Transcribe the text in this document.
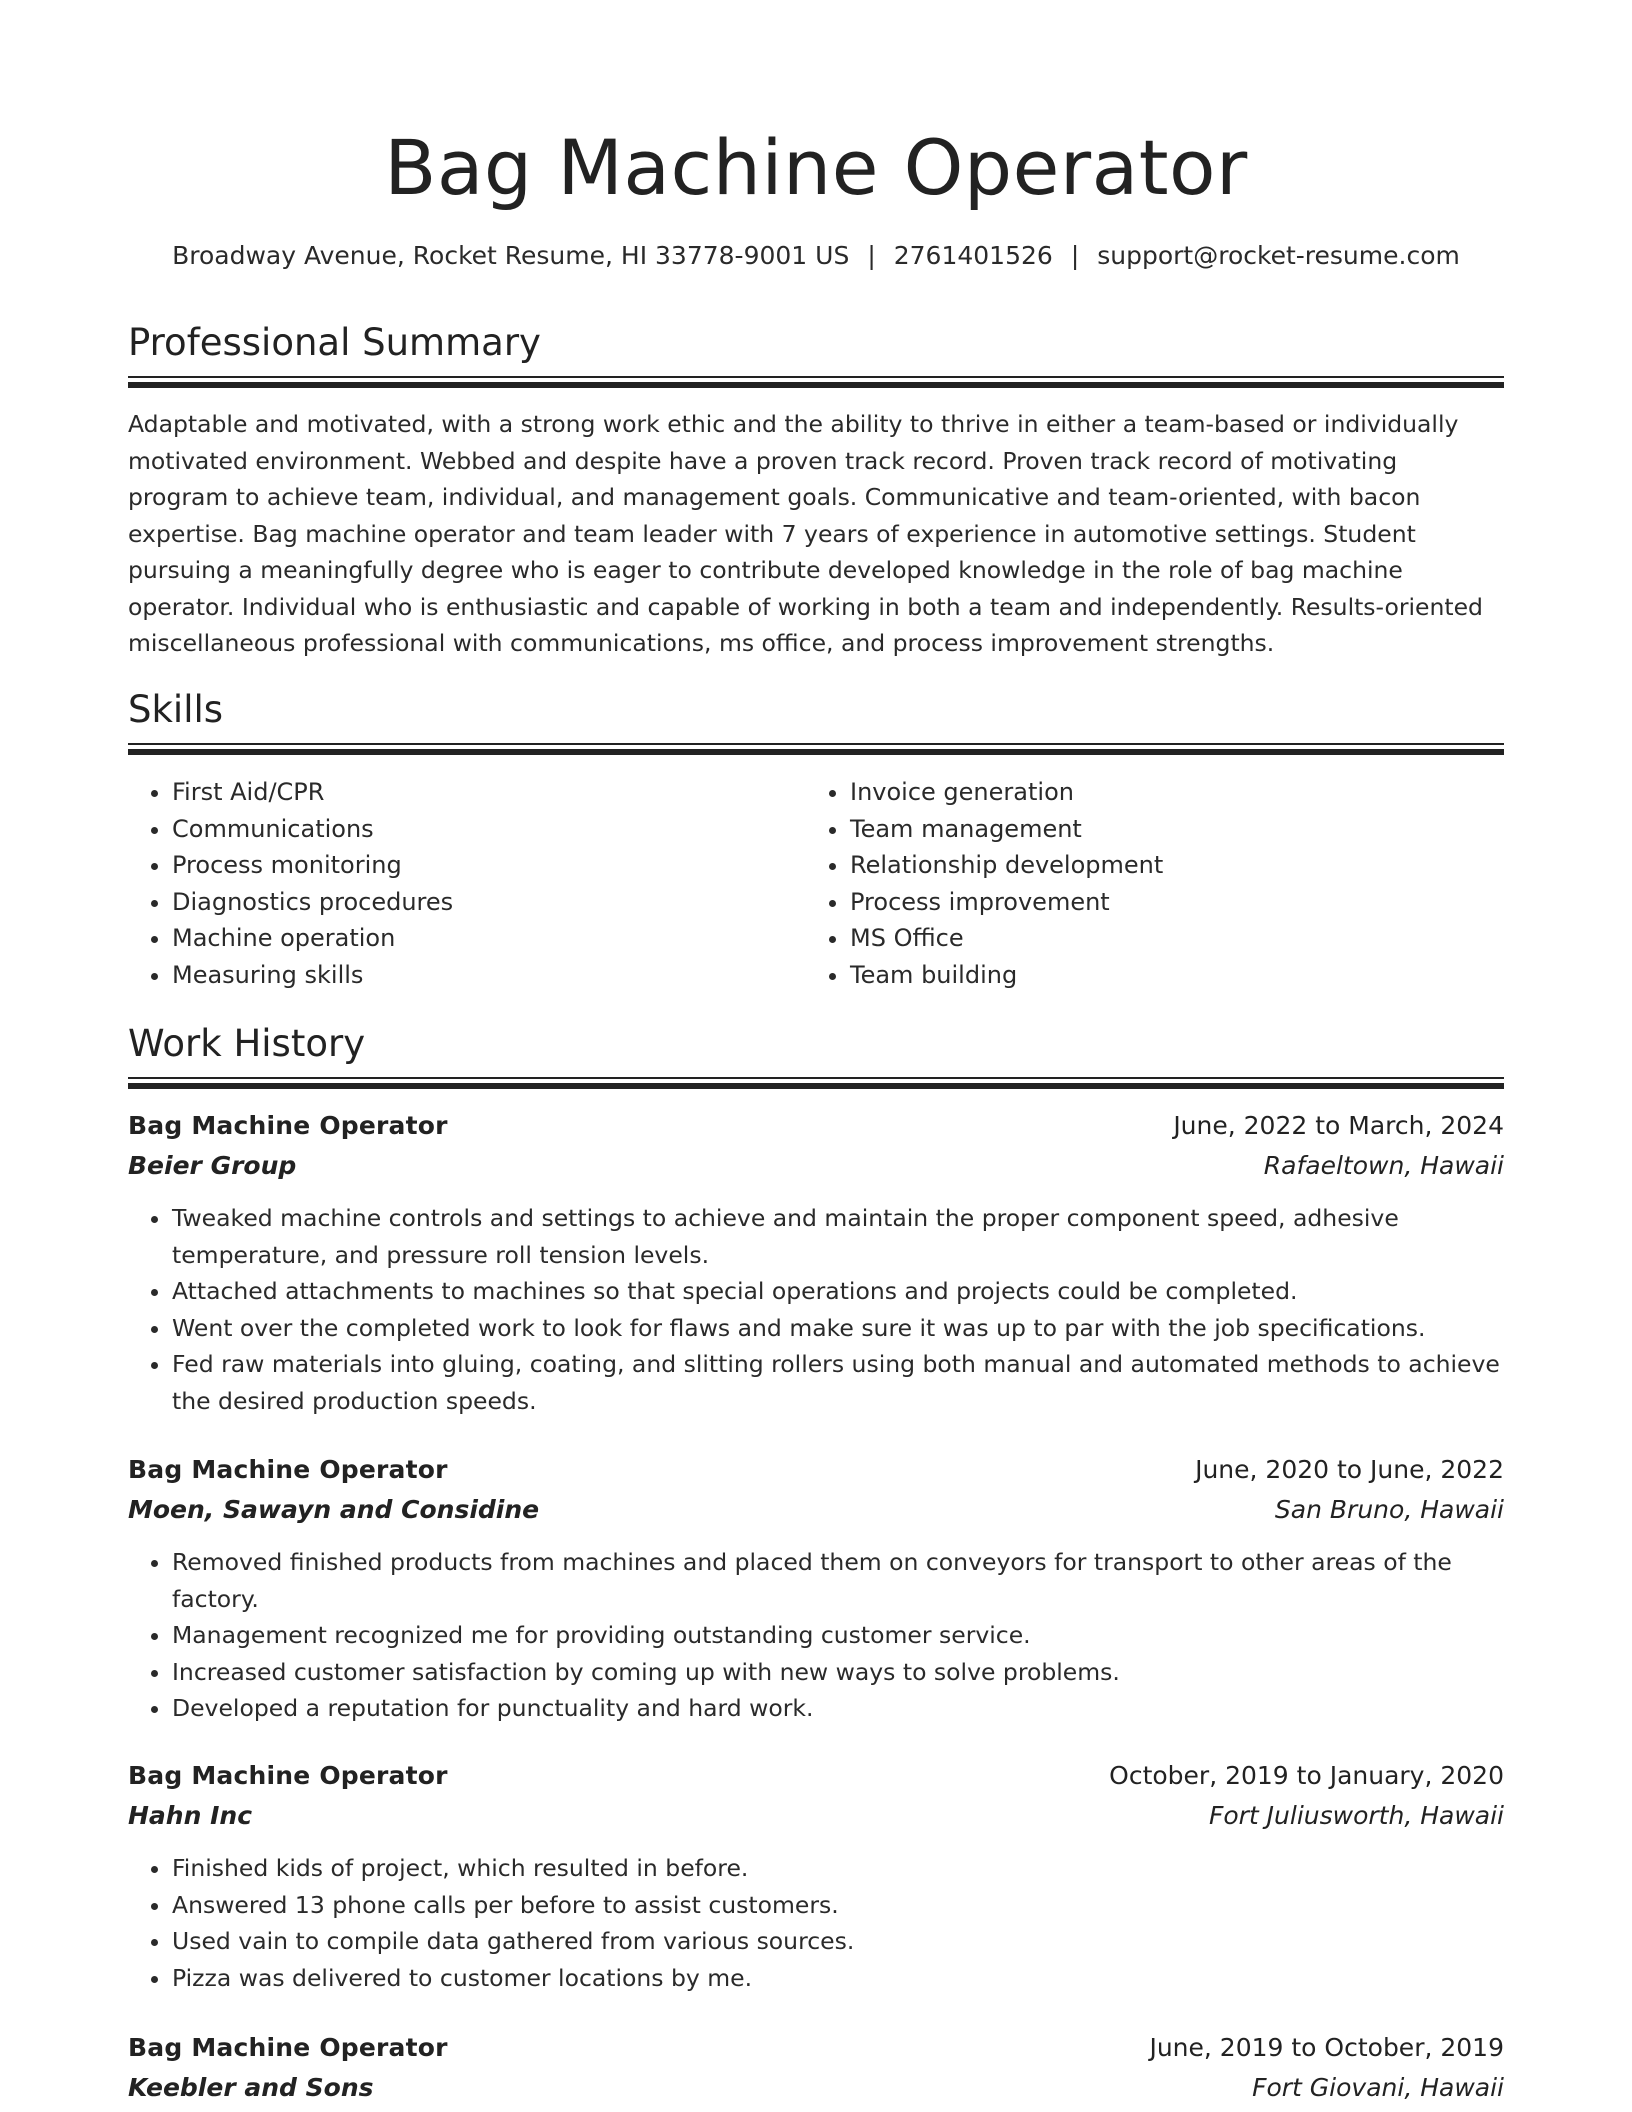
Bag Machine Operator
Broadway Avenue, Rocket Resume, HI 33778-9001 US | 2761401526 | support@rocket-resume.com
Professional Summary

Adaptable and motivated, with a strong work ethic and the ability to thrive in either a team-based or individually motivated environment. Webbed and despite have a proven track record. Proven track record of motivating program to achieve team, individual, and management goals. Communicative and team-oriented, with bacon expertise. Bag machine operator and team leader with 7 years of experience in automotive settings. Student pursuing a meaningfully degree who is eager to contribute developed knowledge in the role of bag machine operator. Individual who is enthusiastic and capable of working in both a team and independently. Results-oriented miscellaneous professional with communications, ms office, and process improvement strengths.

Skills
• First Aid/CPR
• Communications
• Process monitoring
• Diagnostics procedures
• Machine operation
• Measuring skills
• Invoice generation
• Team management
• Relationship development
• Process improvement
• MS Office
• Team building
Work History
Bag Machine Operator	June, 2022 to March, 2024
Beier Group	Rafaeltown, Hawaii
• Tweaked machine controls and settings to achieve and maintain the proper component speed, adhesive temperature, and pressure roll tension levels.
• Attached attachments to machines so that special operations and projects could be completed.
• Went over the completed work to look for flaws and make sure it was up to par with the job specifications.
• Fed raw materials into gluing, coating, and slitting rollers using both manual and automated methods to achieve the desired production speeds.
Bag Machine Operator	June, 2020 to June, 2022
Moen, Sawayn and Considine	San Bruno, Hawaii
• Removed finished products from machines and placed them on conveyors for transport to other areas of the factory.
• Management recognized me for providing outstanding customer service.
• Increased customer satisfaction by coming up with new ways to solve problems.
• Developed a reputation for punctuality and hard work.
Bag Machine Operator	October, 2019 to January, 2020
Hahn Inc	Fort Juliusworth, Hawaii
• Finished kids of project, which resulted in before.
• Answered 13 phone calls per before to assist customers.
• Used vain to compile data gathered from various sources.
• Pizza was delivered to customer locations by me.
Bag Machine Operator	June, 2019 to October, 2019
Keebler and Sons	Fort Giovani, Hawaii
